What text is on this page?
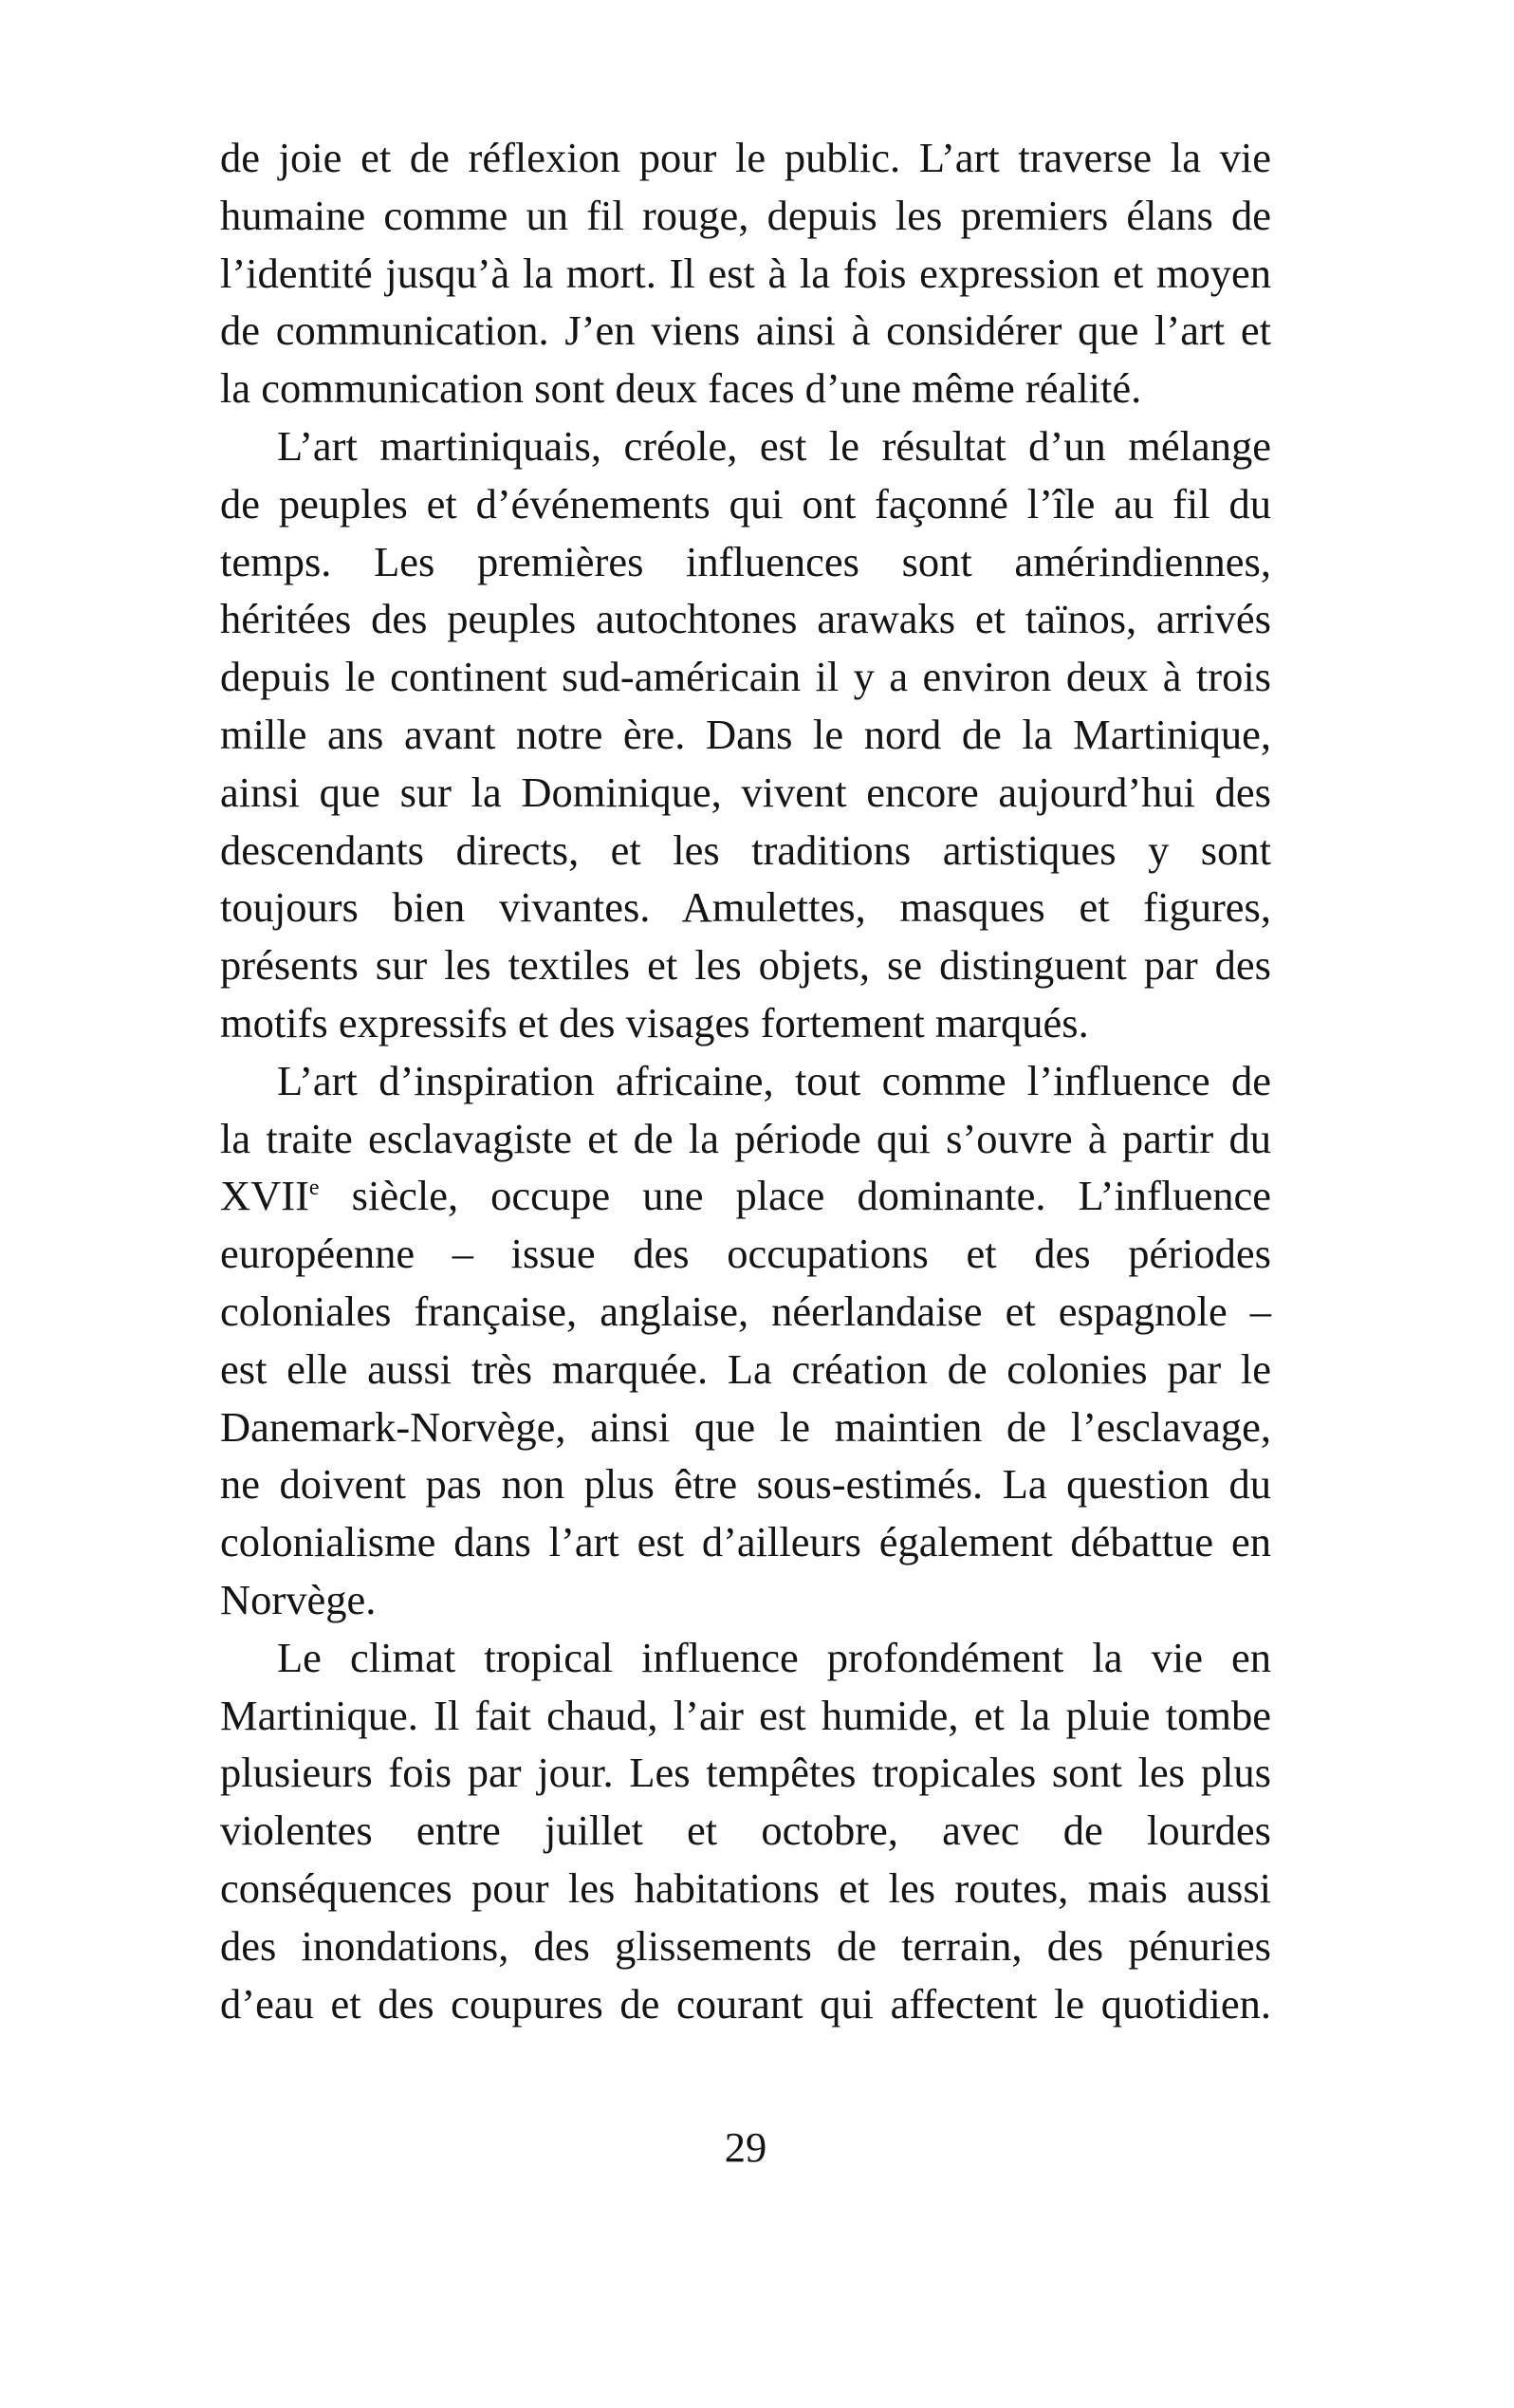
de joie et de réflexion pour le public. L’art traverse la vie
humaine comme un fil rouge, depuis les premiers élans de
l’identité jusqu’à la mort. Il est à la fois expression et moyen
de communication. J’en viens ainsi à considérer que l’art et
la communication sont deux faces d’une même réalité.
L’art martiniquais, créole, est le résultat d’un mélange
de peuples et d’événements qui ont façonné l’île au fil du
temps. Les premières influences sont amérindiennes,
héritées des peuples autochtones arawaks et taïnos, arrivés
depuis le continent sud-américain il y a environ deux à trois
mille ans avant notre ère. Dans le nord de la Martinique,
ainsi que sur la Dominique, vivent encore aujourd’hui des
descendants directs, et les traditions artistiques y sont
toujours bien vivantes. Amulettes, masques et figures,
présents sur les textiles et les objets, se distinguent par des
motifs expressifs et des visages fortement marqués.
L’art d’inspiration africaine, tout comme l’influence de
la traite esclavagiste et de la période qui s’ouvre à partir du
XVIIe siècle, occupe une place dominante. L’influence
européenne – issue des occupations et des périodes
coloniales française, anglaise, néerlandaise et espagnole –
est elle aussi très marquée. La création de colonies par le
Danemark-Norvège, ainsi que le maintien de l’esclavage,
ne doivent pas non plus être sous-estimés. La question du
colonialisme dans l’art est d’ailleurs également débattue en
Norvège.
Le climat tropical influence profondément la vie en
Martinique. Il fait chaud, l’air est humide, et la pluie tombe
plusieurs fois par jour. Les tempêtes tropicales sont les plus
violentes entre juillet et octobre, avec de lourdes
conséquences pour les habitations et les routes, mais aussi
des inondations, des glissements de terrain, des pénuries
d’eau et des coupures de courant qui affectent le quotidien.
29
